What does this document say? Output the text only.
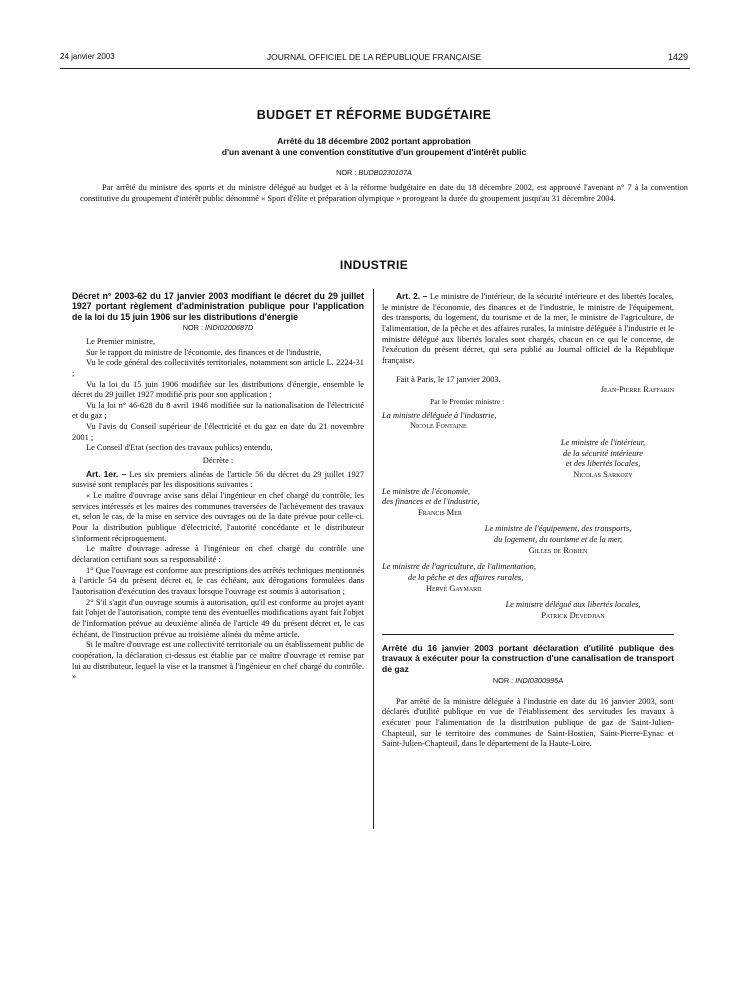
24 janvier 2003	JOURNAL OFFICIEL DE LA RÉPUBLIQUE FRANÇAISE	1429
BUDGET ET RÉFORME BUDGÉTAIRE
Arrêté du 18 décembre 2002 portant approbation
d'un avenant à une convention constitutive d'un groupement d'intérêt public
NOR : BUDB0230107A

Par arrêté du ministre des sports et du ministre délégué au budget et à la réforme budgétaire en date du 18 décembre 2002, est approuvé l'avenant n° 7 à la convention constitutive du groupement d'intérêt public dénommé « Sport d'élite et préparation olympique » prorogeant la durée du groupement jusqu'au 31 décembre 2004.

INDUSTRIE

Décret n° 2003-62 du 17 janvier 2003 modifiant le décret du 29 juillet 1927 portant règlement d'administration publique pour l'application de la loi du 15 juin 1906 sur les distributions d'énergie

NOR : INDI0200687D

Le Premier ministre,

Sur le rapport du ministre de l'économie, des finances et de l'industrie,

Vu le code général des collectivités territoriales, notamment son article L. 2224-31 ;

Vu la loi du 15 juin 1906 modifiée sur les distributions d'énergie, ensemble le décret du 29 juillet 1927 modifié pris pour son application ;

Vu la loi n° 46-628 du 8 avril 1946 modifiée sur la nationalisation de l'électricité et du gaz ;

Vu l'avis du Conseil supérieur de l'électricité et du gaz en date du 21 novembre 2001 ;

Le Conseil d'Etat (section des travaux publics) entendu,

Décrète :

Art. 1er. – Les six premiers alinéas de l'article 56 du décret du 29 juillet 1927 susvisé sont remplacés par les dispositions suivantes :

« Le maître d'ouvrage avise sans délai l'ingénieur en chef chargé du contrôle, les services intéressés et les maires des communes traversées de l'achèvement des travaux et, selon le cas, de la mise en service des ouvrages ou de la date prévue pour celle-ci. Pour la distribution publique d'électricité, l'autorité concédante et le distributeur s'informent réciproquement.

Le maître d'ouvrage adresse à l'ingénieur en chef chargé du contrôle une déclaration certifiant sous sa responsabilité :

1° Que l'ouvrage est conforme aux prescriptions des arrêtés techniques mentionnés à l'article 54 du présent décret et, le cas échéant, aux dérogations formulées dans l'autorisation d'exécution des travaux lorsque l'ouvrage est soumis à autorisation ;

2° S'il s'agit d'un ouvrage soumis à autorisation, qu'il est conforme au projet ayant fait l'objet de l'autorisation, compte tenu des éventuelles modifications ayant fait l'objet de l'information prévue au deuxième alinéa de l'article 49 du présent décret et, le cas échéant, de l'instruction prévue au troisième alinéa du même article.

Si le maître d'ouvrage est une collectivité territoriale ou un établissement public de coopération, la déclaration ci-dessus est établie par ce maître d'ouvrage et remise par lui au distributeur, lequel la vise et la transmet à l'ingénieur en chef chargé du contrôle. »

Art. 2. – Le ministre de l'intérieur, de la sécurité intérieure et des libertés locales, le ministre de l'économie, des finances et de l'industrie, le ministre de l'équipement, des transports, du logement, du tourisme et de la mer, le ministre de l'agriculture, de l'alimentation, de la pêche et des affaires rurales, la ministre déléguée à l'industrie et le ministre délégué aux libertés locales sont chargés, chacun en ce qui le concerne, de l'exécution du présent décret, qui sera publié au Journal officiel de la République française.

Fait à Paris, le 17 janvier 2003.

Jean-Pierre Raffarin

Par le Premier ministre :
La ministre déléguée à l'industrie,
Nicole Fontaine
Le ministre de l'intérieur,
de la sécurité intérieure
et des libertés locales,
Nicolas Sarkozy
Le ministre de l'économie,
des finances et de l'industrie,
Francis Mer
Le ministre de l'équipement, des transports,
du logement, du tourisme et de la mer,
Gilles de Robien
Le ministre de l'agriculture, de l'alimentation,
de la pêche et des affaires rurales,
Hervé Gaymard
Le ministre délégué aux libertés locales,
Patrick Devedjian

Arrêté du 16 janvier 2003 portant déclaration d'utilité publique des travaux à exécuter pour la construction d'une canalisation de transport de gaz

NOR : INDI0300995A

Par arrêté de la ministre déléguée à l'industrie en date du 16 janvier 2003, sont déclarés d'utilité publique en vue de l'établissement des servitudes les travaux à exécuter pour l'alimentation de la distribution publique de gaz de Saint-Julien-Chapteuil, sur le territoire des communes de Saint-Hostien, Saint-Pierre-Eynac et Saint-Julien-Chapteuil, dans le département de la Haute-Loire.
